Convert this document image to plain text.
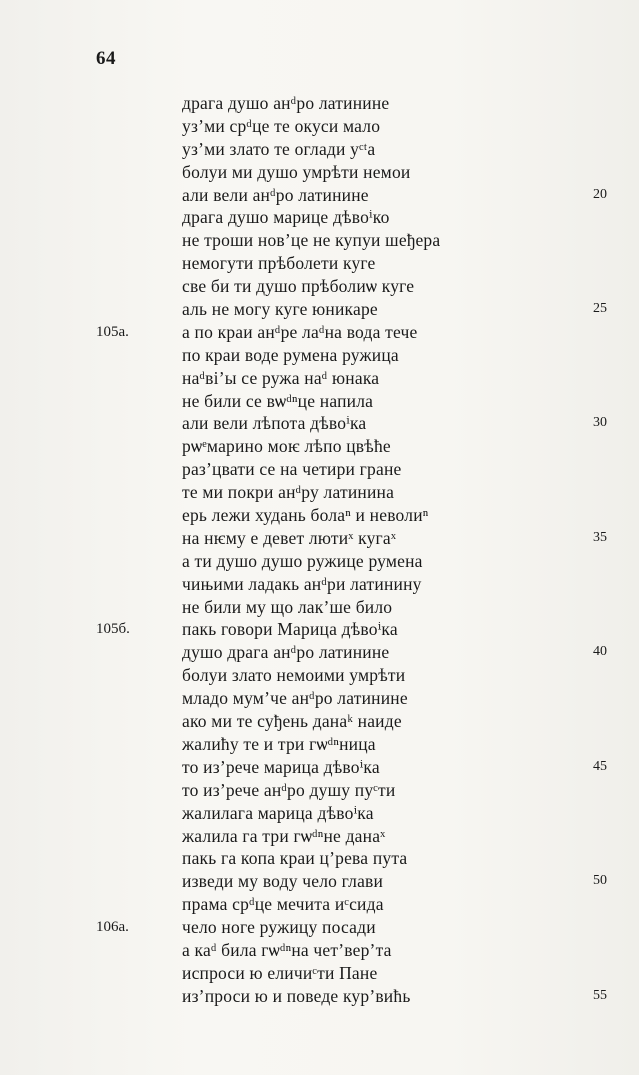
64
драга душо анᵈро латинине
уз’ми срᵈце те окуси мало
уз’ми злато те оглади уᶜᵗа
болуи ми душо умрѣти немои
али вели анᵈро латинине	20
драга душо марице дѣвоⁱко
не троши нов’це не купуи шеђера
немогути прѣболети куге
све би ти душо прѣболиѡ куге
аль не могу куге юникаре	25
105а.	а по краи анᵈре лаᵈна вода тече
по краи воде румена ружица
наᵈві’ы се ружа наᵈ юнака
не били се вѡᵈⁿце напила
али вели лѣпота дѣвоⁱка	30
рѡᵉмарино моѥ лѣпо цвѣће
раз’цвати се на четири гране
те ми покри анᵈру латинина
ерь лежи худань болаⁿ и неволиⁿ
на нѥму е девет лютиˣ кугаˣ	35
а ти душо душо ружице румена
чињими ладакь анᵈри латинину
не били му що лак’ше било
105б.	пакь говори Марица дѣвоⁱка
душо драга анᵈро латинине	40
болуи злато немоими умрѣти
младо мум’че анᵈро латинине
ако ми те суђень данаᵏ наиде
жалићу те и три гѡᵈⁿница
то из’рече марица дѣвоⁱка	45
то из’рече анᵈро душу пуᶜти
жалилага марица дѣвоⁱка
жалила га три гѡᵈⁿне данаˣ
пакь га копа краи ц’рева пута
изведи му воду чело глави	50
прама срᵈце мечита иᶜсида
106а.	чело ноге ружицу посади
а каᵈ била гѡᵈⁿна чет’вер’та
испроси ю еличиᶜти Пане
из’проси ю и поведе кур’вићь	55
